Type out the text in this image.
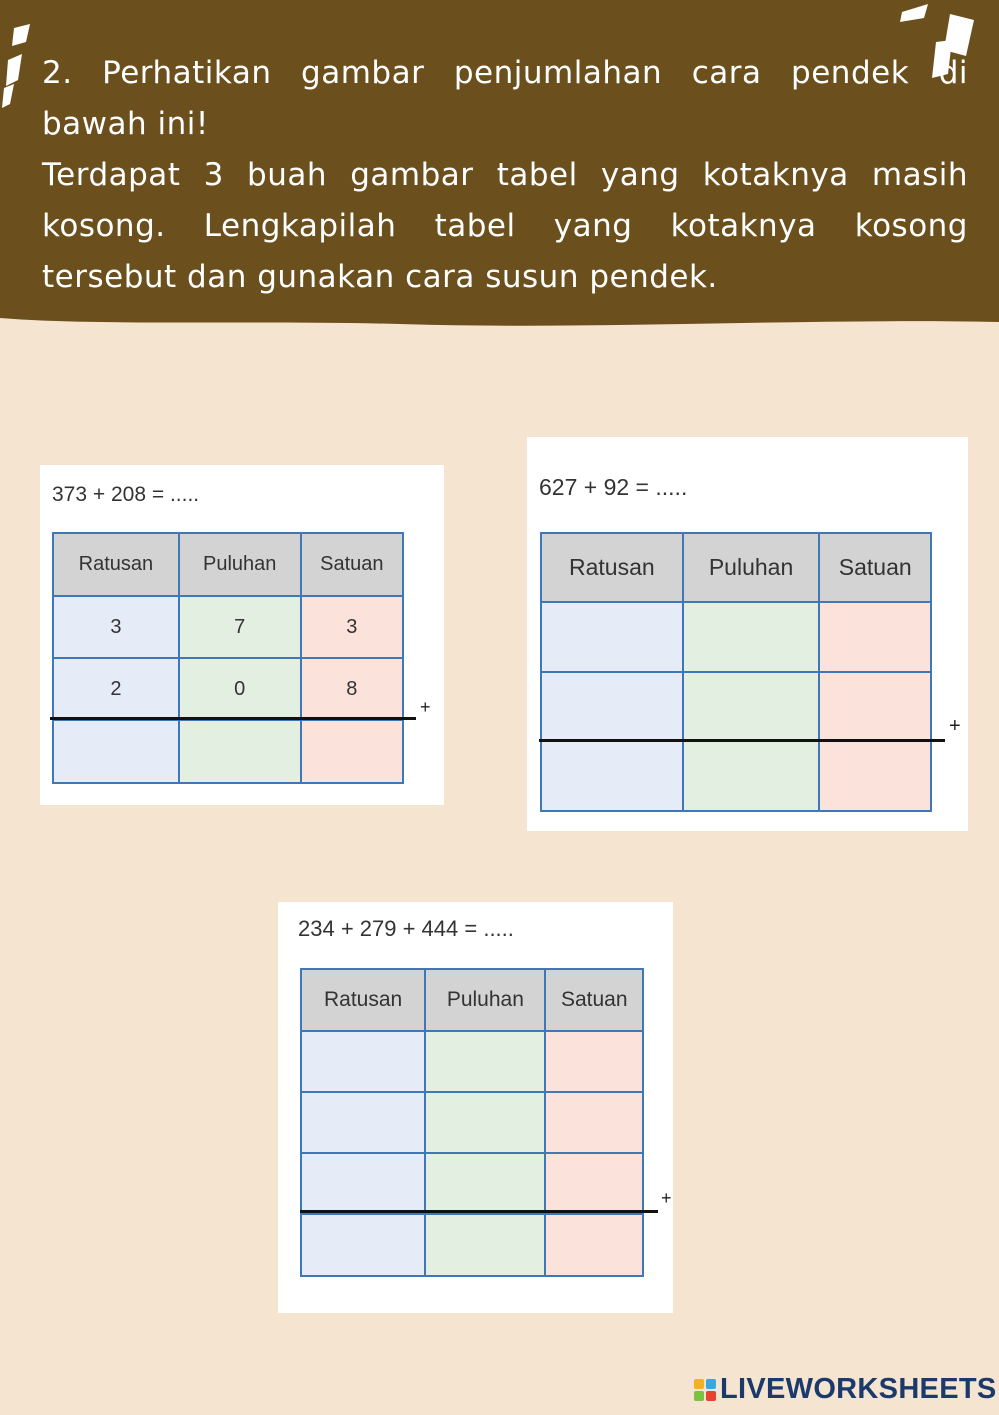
2. Perhatikan gambar penjumlahan cara pendek di bawah ini!

Terdapat 3 buah gambar tabel yang kotaknya masih kosong. Lengkapilah tabel yang kotaknya kosong tersebut dan gunakan cara susun pendek.

373 + 208 = .....
Ratusan	Puluhan	Satuan
3	7	3
2	0	8

+
627 + 92 = .....
Ratusan	Puluhan	Satuan

+
234 + 279 + 444 = .....
Ratusan	Puluhan	Satuan

+
LIVEWORKSHEETS
